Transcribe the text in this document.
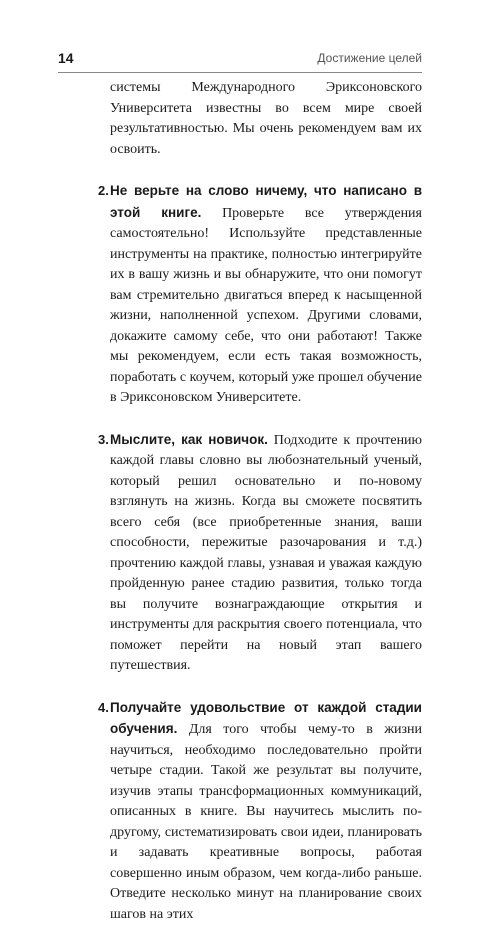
14	Достижение целей

системы Международного Эриксоновского Университета известны во всем мире своей результативностью. Мы очень рекомендуем вам их освоить.

2. Не верьте на слово ничему, что написано в этой книге. Проверьте все утверждения самостоятельно! Используйте представленные инструменты на практике, полностью интегрируйте их в вашу жизнь и вы обнаружите, что они помогут вам стремительно двигаться вперед к насыщенной жизни, наполненной успехом. Другими словами, докажите самому себе, что они работают! Также мы рекомендуем, если есть такая возможность, поработать с коучем, который уже прошел обучение в Эриксоновском Университете.

3. Мыслите, как новичок. Подходите к прочтению каждой главы словно вы любознательный ученый, который решил основательно и по-новому взглянуть на жизнь. Когда вы сможете посвятить всего себя (все приобретенные знания, ваши способности, пережитые разочарования и т.д.) прочтению каждой главы, узнавая и уважая каждую пройденную ранее стадию развития, только тогда вы получите вознаграждающие открытия и инструменты для раскрытия своего потенциала, что поможет перейти на новый этап вашего путешествия.

4. Получайте удовольствие от каждой стадии обучения. Для того чтобы чему-то в жизни научиться, необходимо последовательно пройти четыре стадии. Такой же результат вы получите, изучив этапы трансформационных коммуникаций, описанных в книге. Вы научитесь мыслить по-другому, систематизировать свои идеи, планировать и задавать креативные вопросы, работая совершенно иным образом, чем когда-либо раньше. Отведите несколько минут на планирование своих шагов на этих
